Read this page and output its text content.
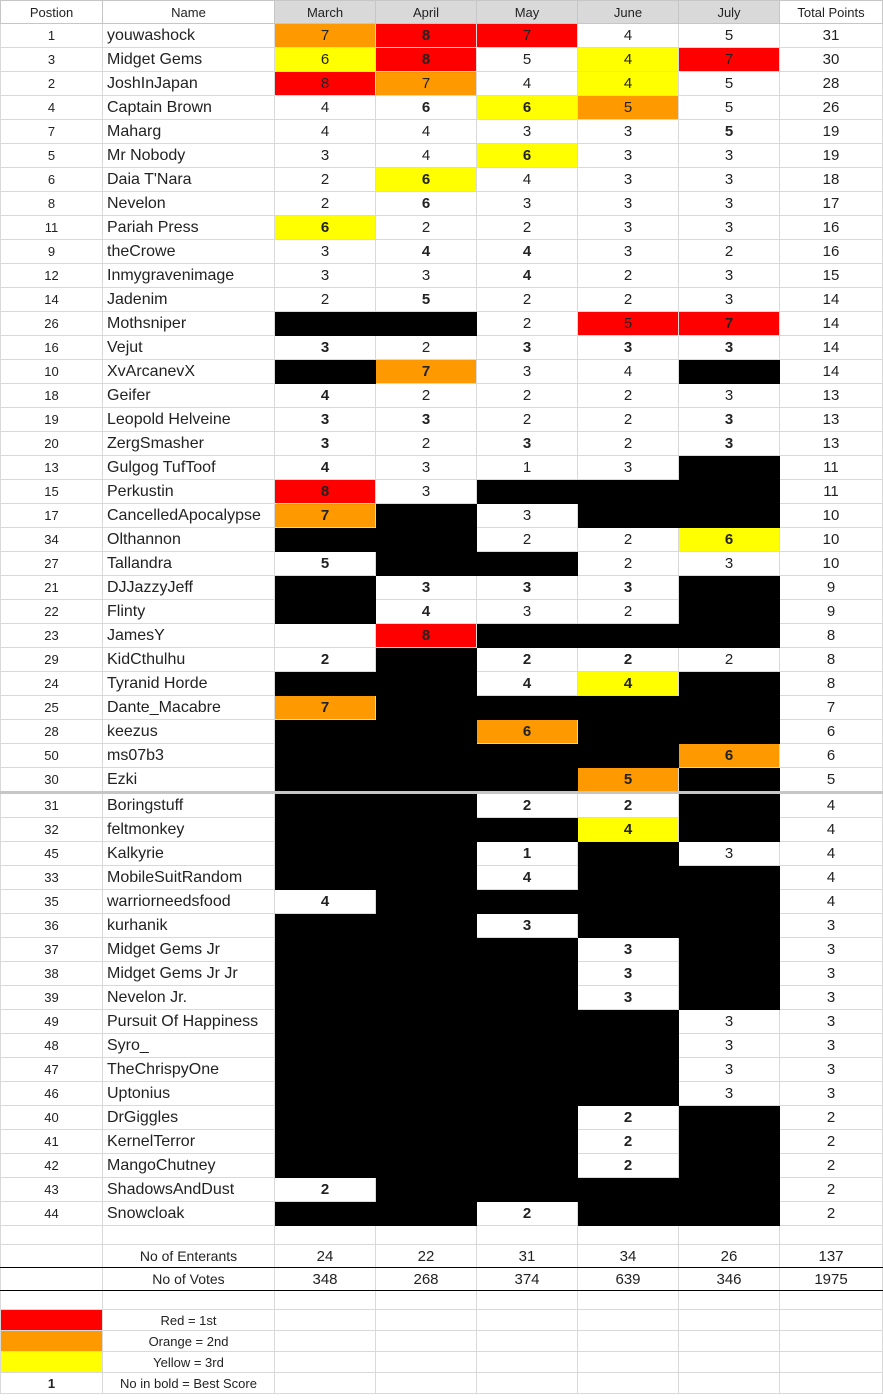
Postion	Name	March	April	May	June	July	Total Points
1	youwashock	7	8	7	4	5	31
3	Midget Gems	6	8	5	4	7	30
2	JoshInJapan	8	7	4	4	5	28
4	Captain Brown	4	6	6	5	5	26
7	Maharg	4	4	3	3	5	19
5	Mr Nobody	3	4	6	3	3	19
6	Daia T'Nara	2	6	4	3	3	18
8	Nevelon	2	6	3	3	3	17
11	Pariah Press	6	2	2	3	3	16
9	theCrowe	3	4	4	3	2	16
12	Inmygravenimage	3	3	4	2	3	15
14	Jadenim	2	5	2	2	3	14
26	Mothsniper			2	5	7	14
16	Vejut	3	2	3	3	3	14
10	XvArcanevX		7	3	4		14
18	Geifer	4	2	2	2	3	13
19	Leopold Helveine	3	3	2	2	3	13
20	ZergSmasher	3	2	3	2	3	13
13	Gulgog TufToof	4	3	1	3		11
15	Perkustin	8	3				11
17	CancelledApocalypse	7		3			10
34	Olthannon			2	2	6	10
27	Tallandra	5			2	3	10
21	DJJazzyJeff		3	3	3		9
22	Flinty		4	3	2		9
23	JamesY		8				8
29	KidCthulhu	2		2	2	2	8
24	Tyranid Horde			4	4		8
25	Dante_Macabre	7					7
28	keezus			6			6
50	ms07b3					6	6
30	Ezki				5		5
31	Boringstuff			2	2		4
32	feltmonkey				4		4
45	Kalkyrie			1		3	4
33	MobileSuitRandom			4			4
35	warriorneedsfood	4					4
36	kurhanik			3			3
37	Midget Gems Jr				3		3
38	Midget Gems Jr Jr				3		3
39	Nevelon Jr.				3		3
49	Pursuit Of Happiness					3	3
48	Syro_					3	3
47	TheChrispyOne					3	3
46	Uptonius					3	3
40	DrGiggles				2		2
41	KernelTerror				2		2
42	MangoChutney				2		2
43	ShadowsAndDust	2					2
44	Snowcloak			2			2

	No of Enterants	24	22	31	34	26	137
	No of Votes	348	268	374	639	346	1975

	Red = 1st						
	Orange = 2nd						
	Yellow = 3rd						
1	No in bold = Best Score						
